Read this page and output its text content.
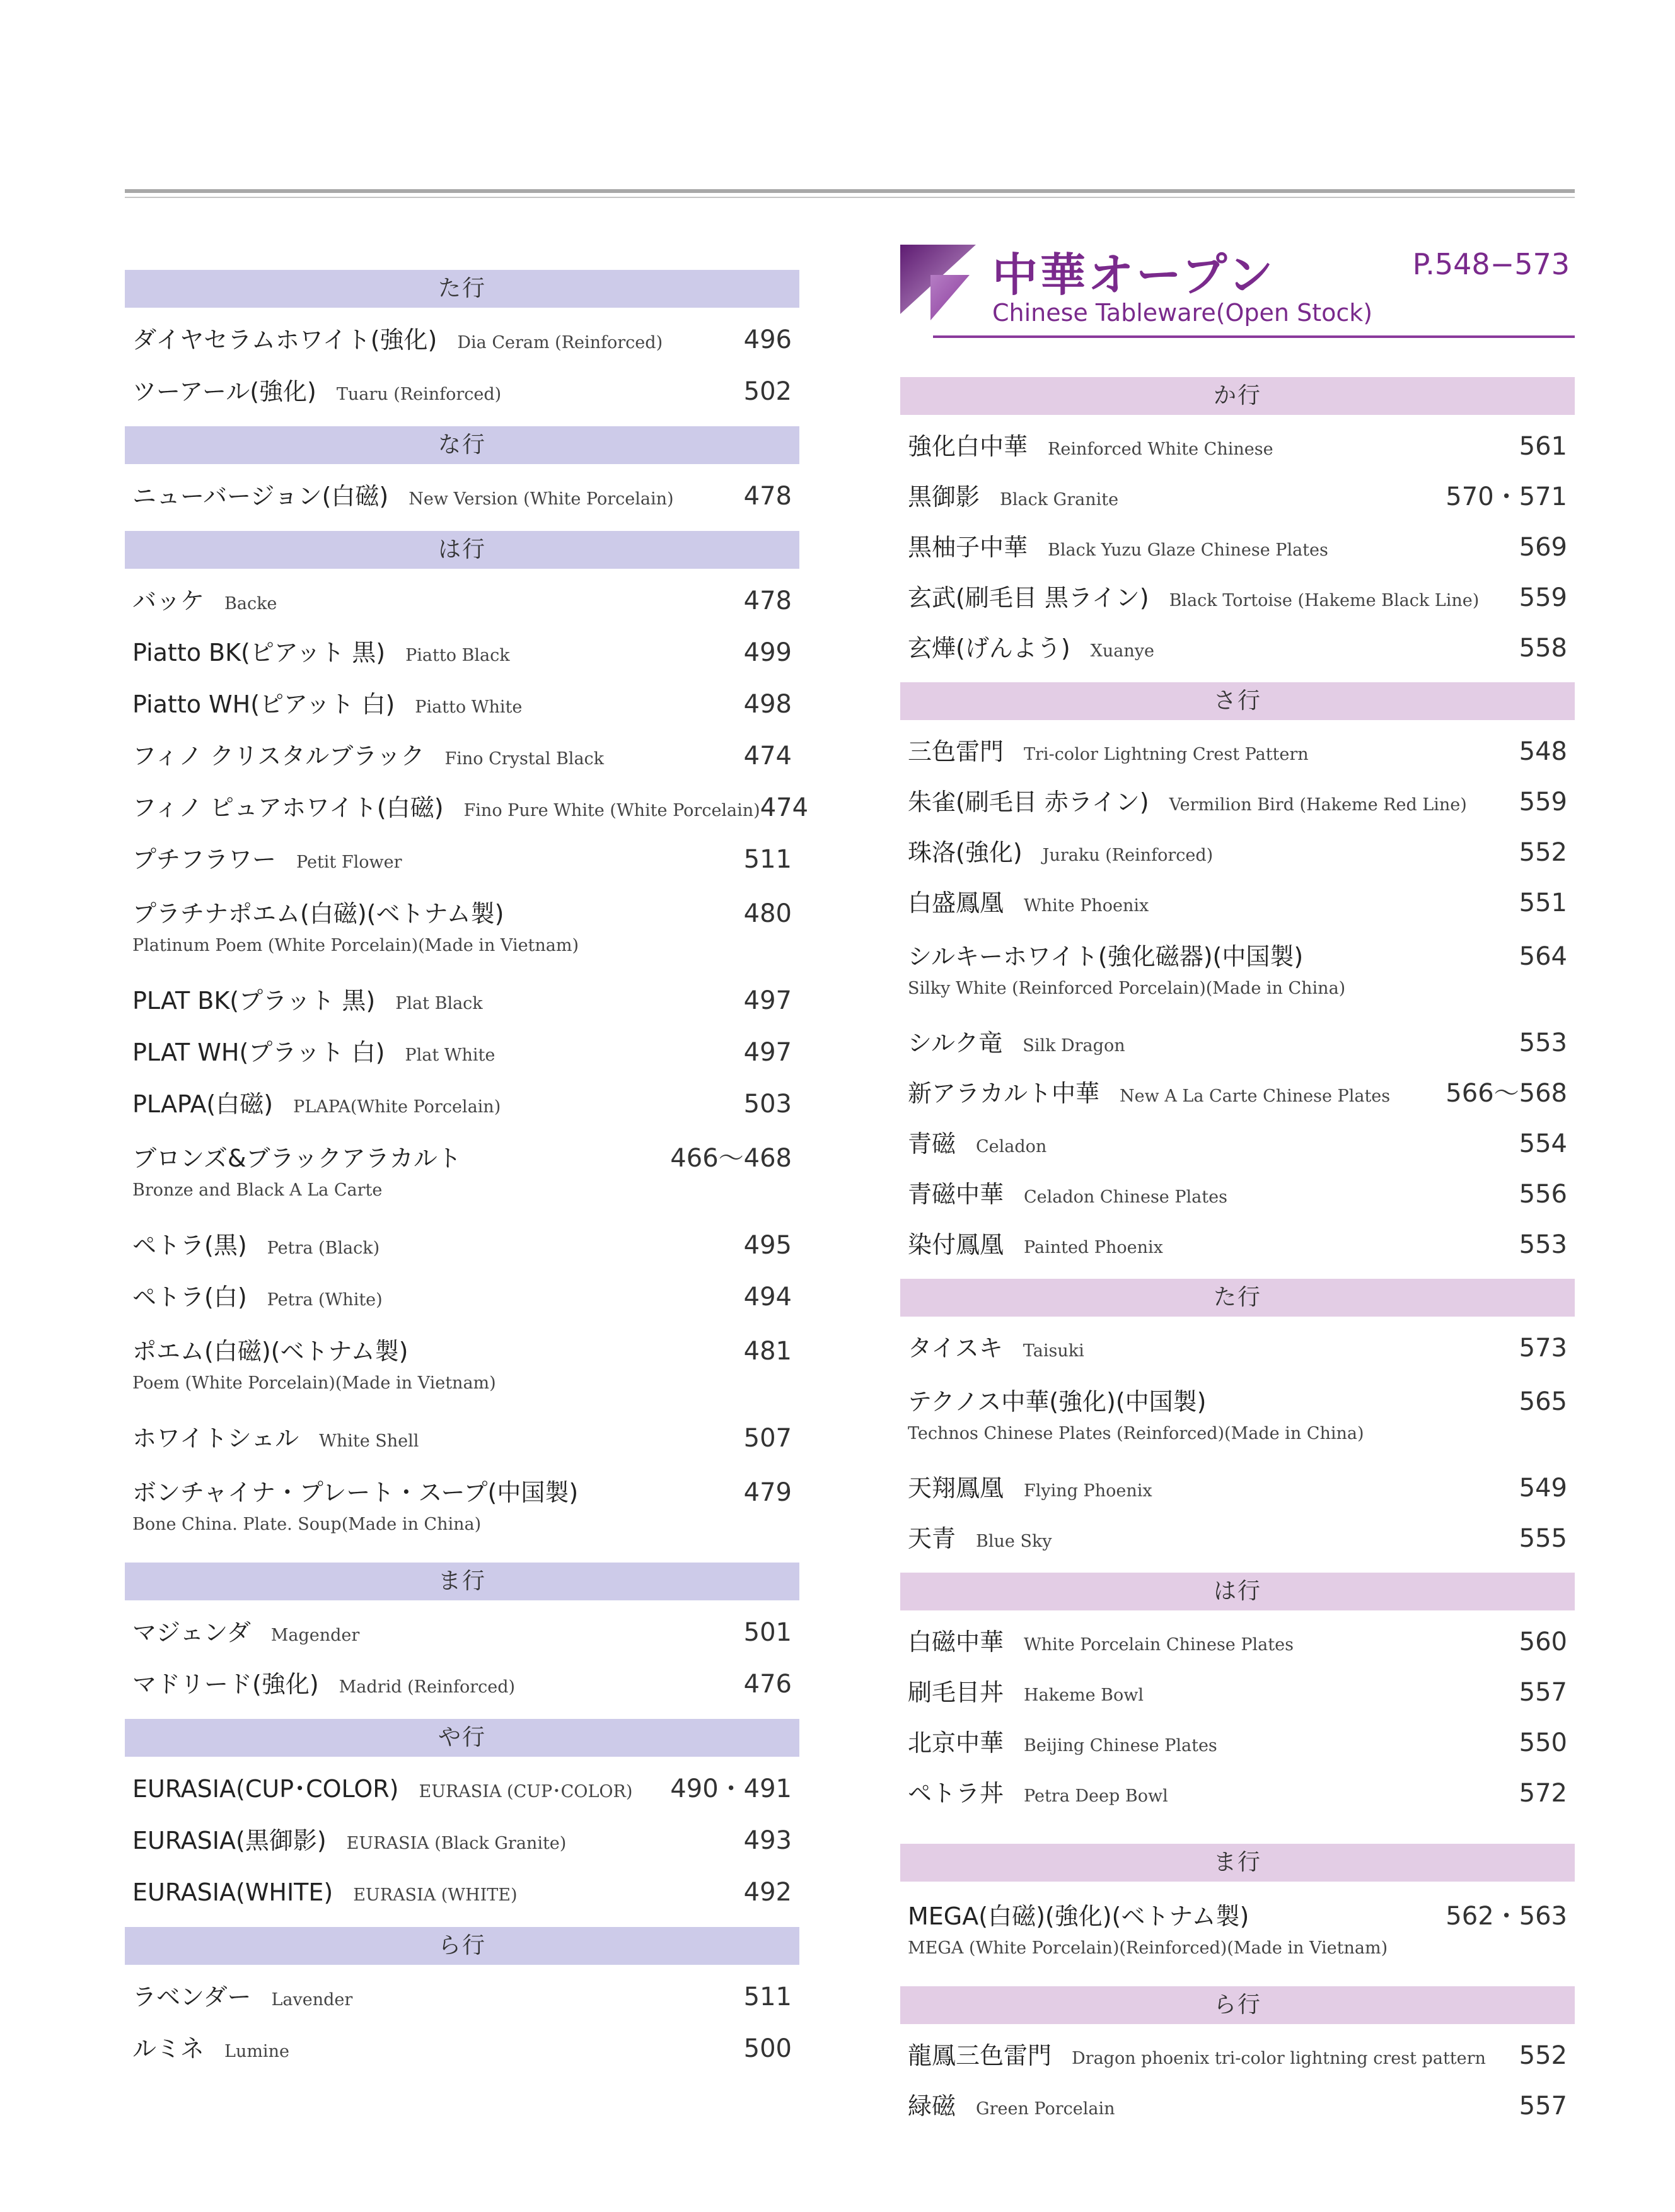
た行
ダイヤセラムホワイト(強化) Dia Ceram (Reinforced)	496
ツーアール(強化) Tuaru (Reinforced)	502
な行
ニューバージョン(白磁) New Version (White Porcelain)	478
は行
バッケ Backe	478
Piatto BK(ピアット 黒) Piatto Black	499
Piatto WH(ピアット 白) Piatto White	498
フィノ クリスタルブラック Fino Crystal Black	474
フィノ ピュアホワイト(白磁) Fino Pure White (White Porcelain) 474
プチフラワー Petit Flower	511
プラチナポエム(白磁)(ベトナム製)	480
Platinum Poem (White Porcelain)(Made in Vietnam)
PLAT BK(プラット 黒) Plat Black	497
PLAT WH(プラット 白) Plat White	497
PLAPA(白磁) PLAPA(White Porcelain)	503
ブロンズ&ブラックアラカルト	466～468
Bronze and Black A La Carte
ペトラ(黒) Petra (Black)	495
ペトラ(白) Petra (White)	494
ポエム(白磁)(ベトナム製)	481
Poem (White Porcelain)(Made in Vietnam)
ホワイトシェル White Shell	507
ボンチャイナ・プレート・スープ(中国製)	479
Bone China. Plate. Soup(Made in China)
ま行
マジェンダ Magender	501
マドリード(強化) Madrid (Reinforced)	476
や行
EURASIA(CUP･COLOR) EURASIA (CUP･COLOR) 490・491
EURASIA(黒御影) EURASIA (Black Granite)	493
EURASIA(WHITE) EURASIA (WHITE)	492
ら行
ラベンダー Lavender	511
ルミネ Lumine	500
中華オープン
Chinese Tableware(Open Stock)
P.548−573
か行
強化白中華 Reinforced White Chinese	561
黒御影 Black Granite	570・571
黒柚子中華 Black Yuzu Glaze Chinese Plates	569
玄武(刷毛目 黒ライン) Black Tortoise (Hakeme Black Line) 559
玄燁(げんよう) Xuanye	558
さ行
三色雷門 Tri-color Lightning Crest Pattern	548
朱雀(刷毛目 赤ライン) Vermilion Bird (Hakeme Red Line) 559
珠洛(強化) Juraku (Reinforced)	552
白盛鳳凰 White Phoenix	551
シルキーホワイト(強化磁器)(中国製)	564
Silky White (Reinforced Porcelain)(Made in China)
シルク竜 Silk Dragon	553
新アラカルト中華 New A La Carte Chinese Plates 566～568
青磁 Celadon	554
青磁中華 Celadon Chinese Plates	556
染付鳳凰 Painted Phoenix	553
た行
タイスキ Taisuki	573
テクノス中華(強化)(中国製)	565
Technos Chinese Plates (Reinforced)(Made in China)
天翔鳳凰 Flying Phoenix	549
天青 Blue Sky	555
は行
白磁中華 White Porcelain Chinese Plates	560
刷毛目丼 Hakeme Bowl	557
北京中華 Beijing Chinese Plates	550
ペトラ丼 Petra Deep Bowl	572
ま行
MEGA(白磁)(強化)(ベトナム製)	562・563
MEGA (White Porcelain)(Reinforced)(Made in Vietnam)
ら行
龍鳳三色雷門 Dragon phoenix tri-color lightning crest pattern 552
緑磁 Green Porcelain	557
